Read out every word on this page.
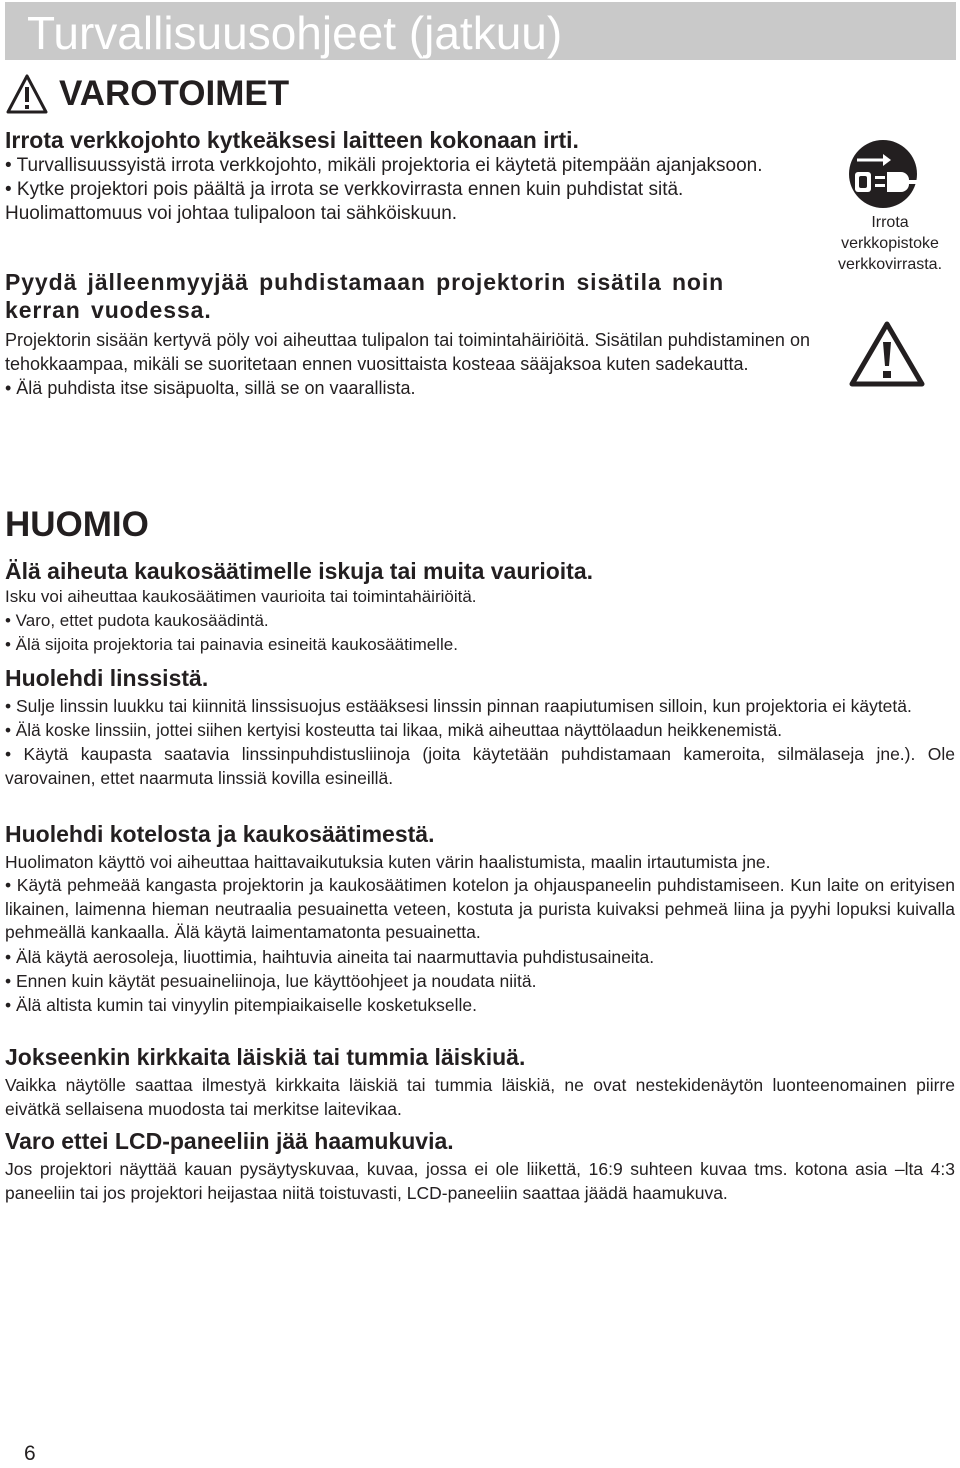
Turvallisuusohjeet (jatkuu)
VAROTOIMET
Irrota verkkojohto kytkeäksesi laitteen kokonaan irti.

• Turvallisuussyistä irrota verkkojohto, mikäli projektoria ei käytetä pitempään ajanjaksoon.

• Kytke projektori pois päältä ja irrota se verkkovirrasta ennen kuin puhdistat sitä. Huolimattomuus voi johtaa tulipaloon tai sähköiskuun.

Pyydä jälleenmyyjää puhdistamaan projektorin sisätila noin kerran vuodessa.

Projektorin sisään kertyvä pöly voi aiheuttaa tulipalon tai toimintahäiriöitä. Sisätilan puhdistaminen on tehokkaampaa, mikäli se suoritetaan ennen vuosittaista kosteaa sääjaksoa kuten sadekautta.

• Älä puhdista itse sisäpuolta, sillä se on vaarallista.

Irrota
verkkopistoke
verkkovirrasta.
HUOMIO
Älä aiheuta kaukosäätimelle iskuja tai muita vaurioita.

Isku voi aiheuttaa kaukosäätimen vaurioita tai toimintahäiriöitä.

• Varo, ettet pudota kaukosäädintä.

• Älä sijoita projektoria tai painavia esineitä kaukosäätimelle.

Huolehdi linssistä.

• Sulje linssin luukku tai kiinnitä linssisuojus estääksesi linssin pinnan raapiutumisen silloin, kun projektoria ei käytetä.

• Älä koske linssiin, jottei siihen kertyisi kosteutta tai likaa, mikä aiheuttaa näyttölaadun heikkenemistä.

• Käytä kaupasta saatavia linssinpuhdistusliinoja (joita käytetään puhdistamaan kameroita, silmälaseja jne.). Ole varovainen, ettet naarmuta linssiä kovilla esineillä.

Huolehdi kotelosta ja kaukosäätimestä.

Huolimaton käyttö voi aiheuttaa haittavaikutuksia kuten värin haalistumista, maalin irtautumista jne.

• Käytä pehmeää kangasta projektorin ja kaukosäätimen kotelon ja ohjauspaneelin puhdistamiseen. Kun laite on erityisen likainen, laimenna hieman neutraalia pesuainetta veteen, kostuta ja purista kuivaksi pehmeä liina ja pyyhi lopuksi kuivalla pehmeällä kankaalla. Älä käytä laimentamatonta pesuainetta.

• Älä käytä aerosoleja, liuottimia, haihtuvia aineita tai naarmuttavia puhdistusaineita.

• Ennen kuin käytät pesuaineliinoja, lue käyttöohjeet ja noudata niitä.

• Älä altista kumin tai vinyylin pitempiaikaiselle kosketukselle.

Jokseenkin kirkkaita läiskiä tai tummia läiskiuä.

Vaikka näytölle saattaa ilmestyä kirkkaita läiskiä tai tummia läiskiä, ne ovat nestekidenäytön luonteenomainen piirre eivätkä sellaisena muodosta tai merkitse laitevikaa.

Varo ettei LCD-paneeliin jää haamukuvia.

Jos projektori näyttää kauan pysäytyskuvaa, kuvaa, jossa ei ole liikettä, 16:9 suhteen kuvaa tms. kotona asia –lta 4:3 paneeliin tai jos projektori heijastaa niitä toistuvasti, LCD-paneeliin saattaa jäädä haamukuva.

6
